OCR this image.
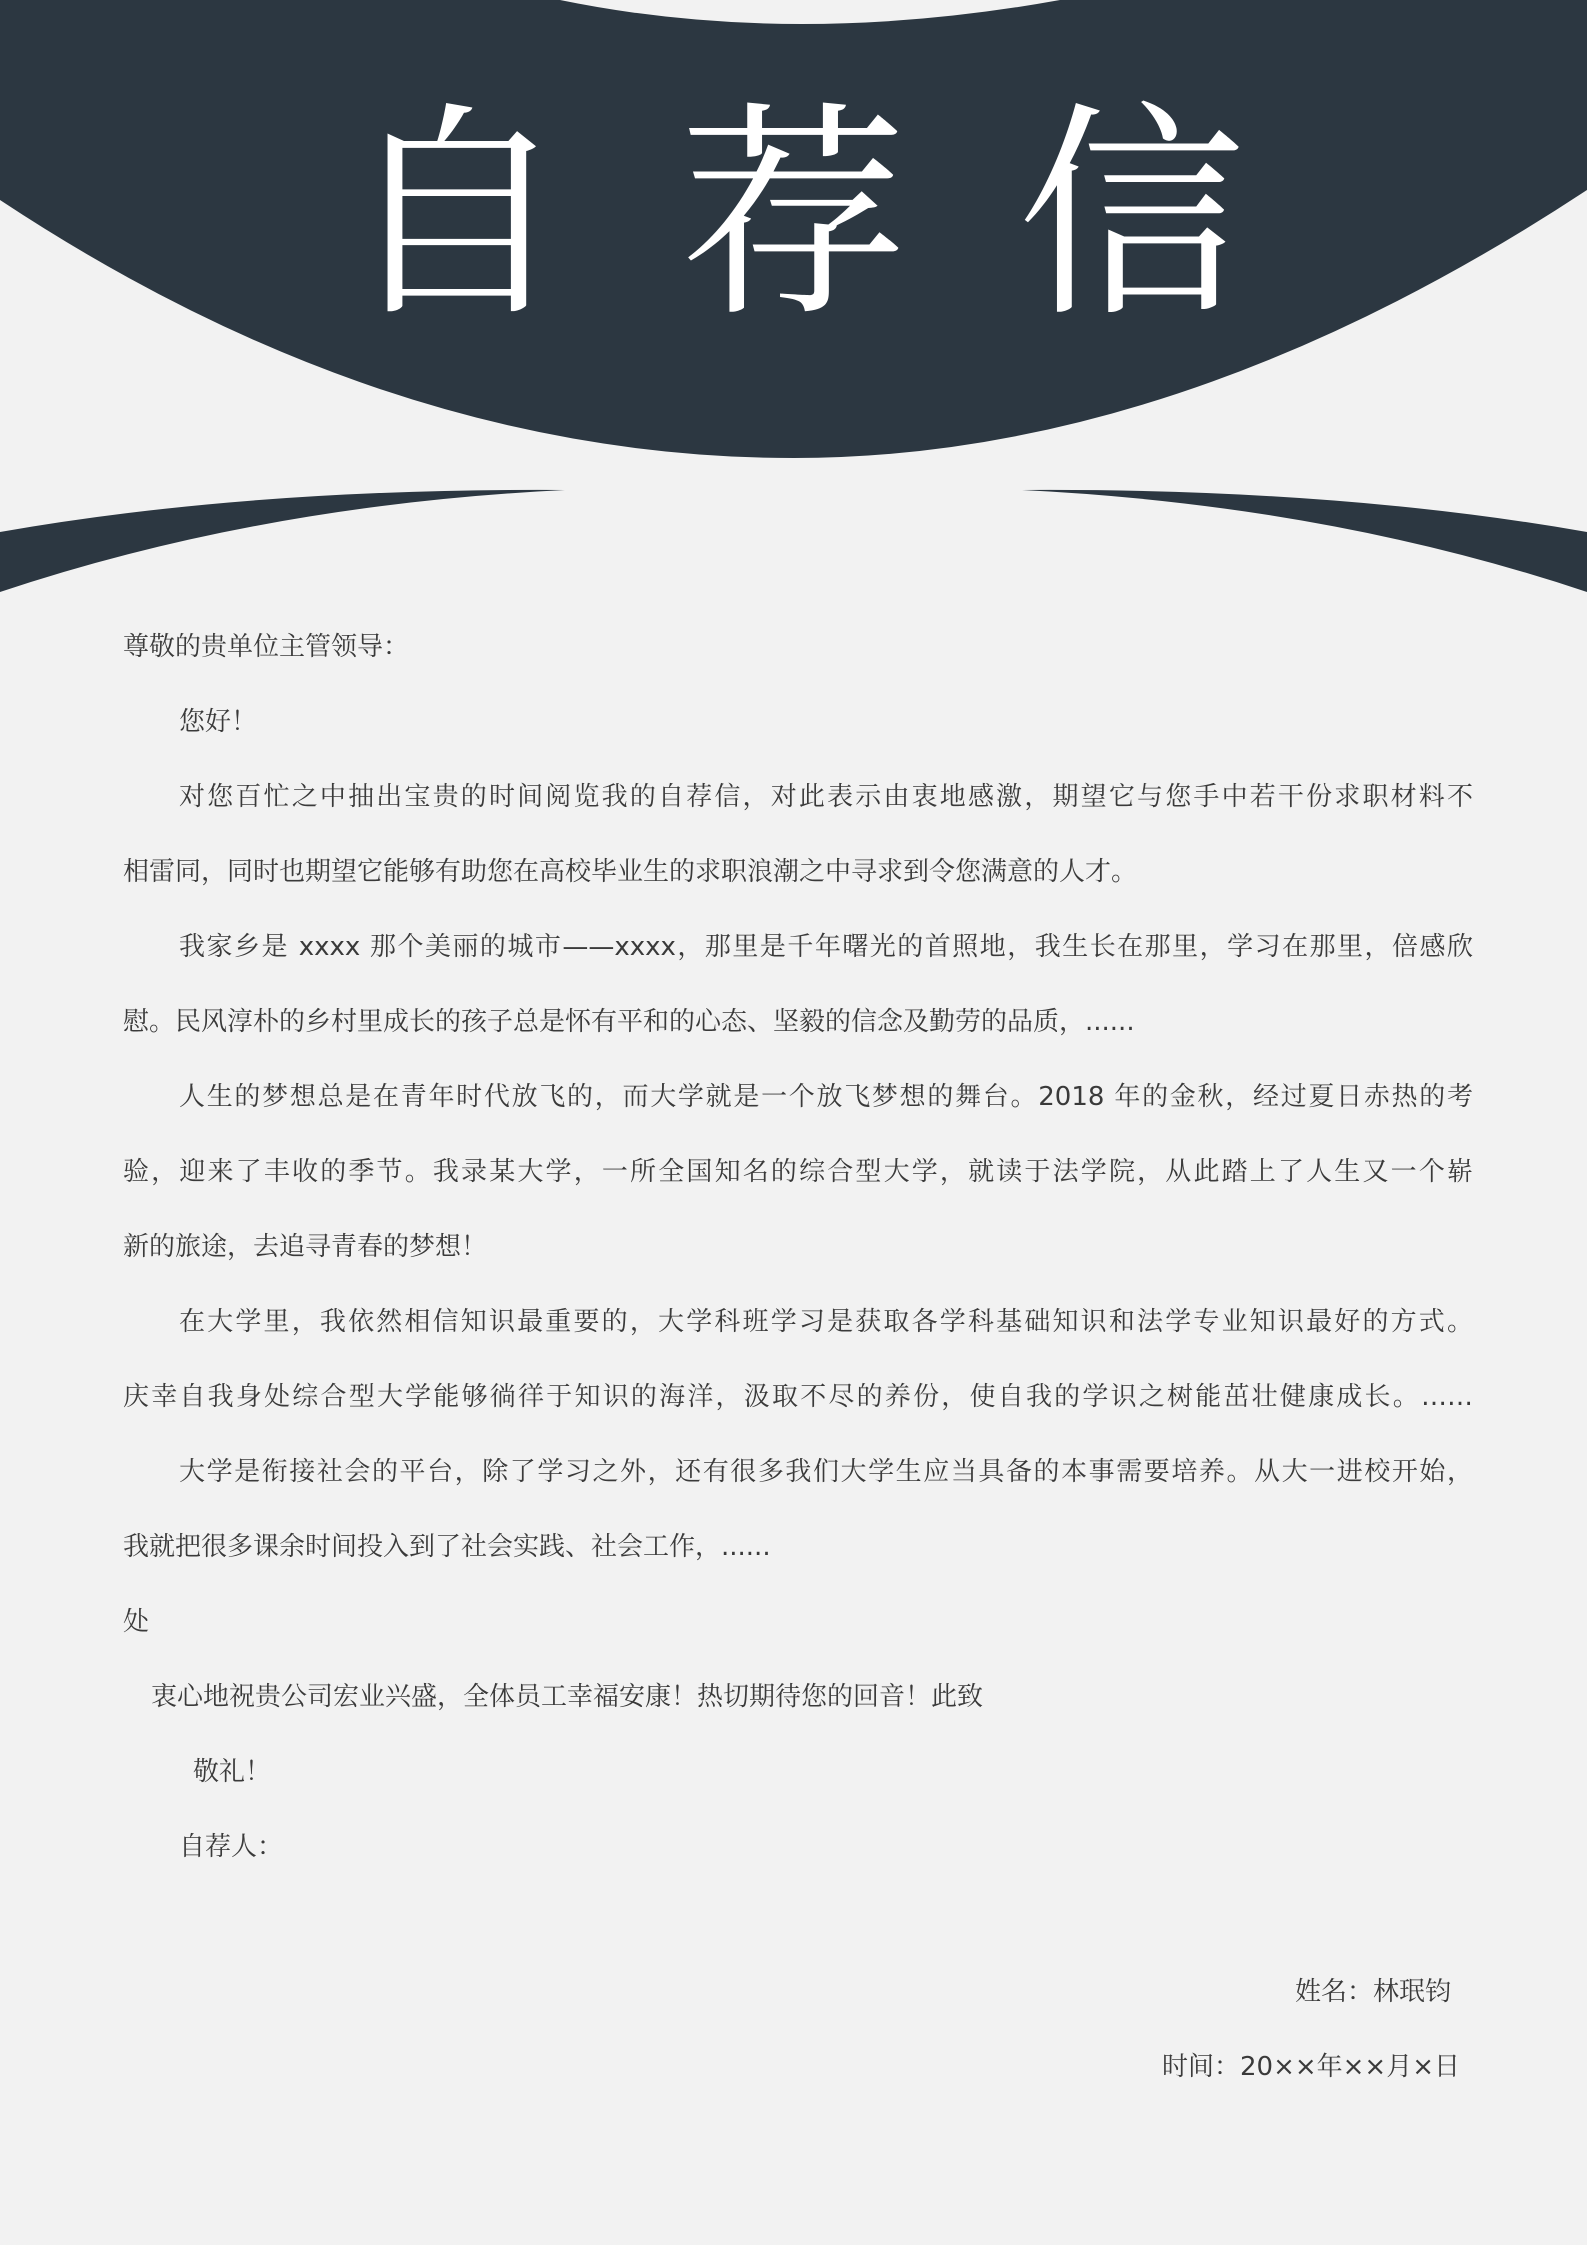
自荐信
尊敬的贵单位主管领导：
您好！
对您百忙之中抽出宝贵的时间阅览我的自荐信，对此表示由衷地感激，期望它与您手中若干份求职材料不
相雷同，同时也期望它能够有助您在高校毕业生的求职浪潮之中寻求到令您满意的人才。
我家乡是 xxxx 那个美丽的城市——xxxx，那里是千年曙光的首照地，我生长在那里，学习在那里，倍感欣
慰。民风淳朴的乡村里成长的孩子总是怀有平和的心态、坚毅的信念及勤劳的品质，......
人生的梦想总是在青年时代放飞的，而大学就是一个放飞梦想的舞台。2018 年的金秋，经过夏日赤热的考
验，迎来了丰收的季节。我录某大学，一所全国知名的综合型大学，就读于法学院，从此踏上了人生又一个崭
新的旅途，去追寻青春的梦想！
在大学里，我依然相信知识最重要的，大学科班学习是获取各学科基础知识和法学专业知识最好的方式。
庆幸自我身处综合型大学能够徜徉于知识的海洋，汲取不尽的养份，使自我的学识之树能茁壮健康成长。……
大学是衔接社会的平台，除了学习之外，还有很多我们大学生应当具备的本事需要培养。从大一进校开始，
我就把很多课余时间投入到了社会实践、社会工作，......
处
衷心地祝贵公司宏业兴盛，全体员工幸福安康！热切期待您的回音！此致
敬礼！
自荐人：
姓名：林珉钧
时间：20××年××月×日
